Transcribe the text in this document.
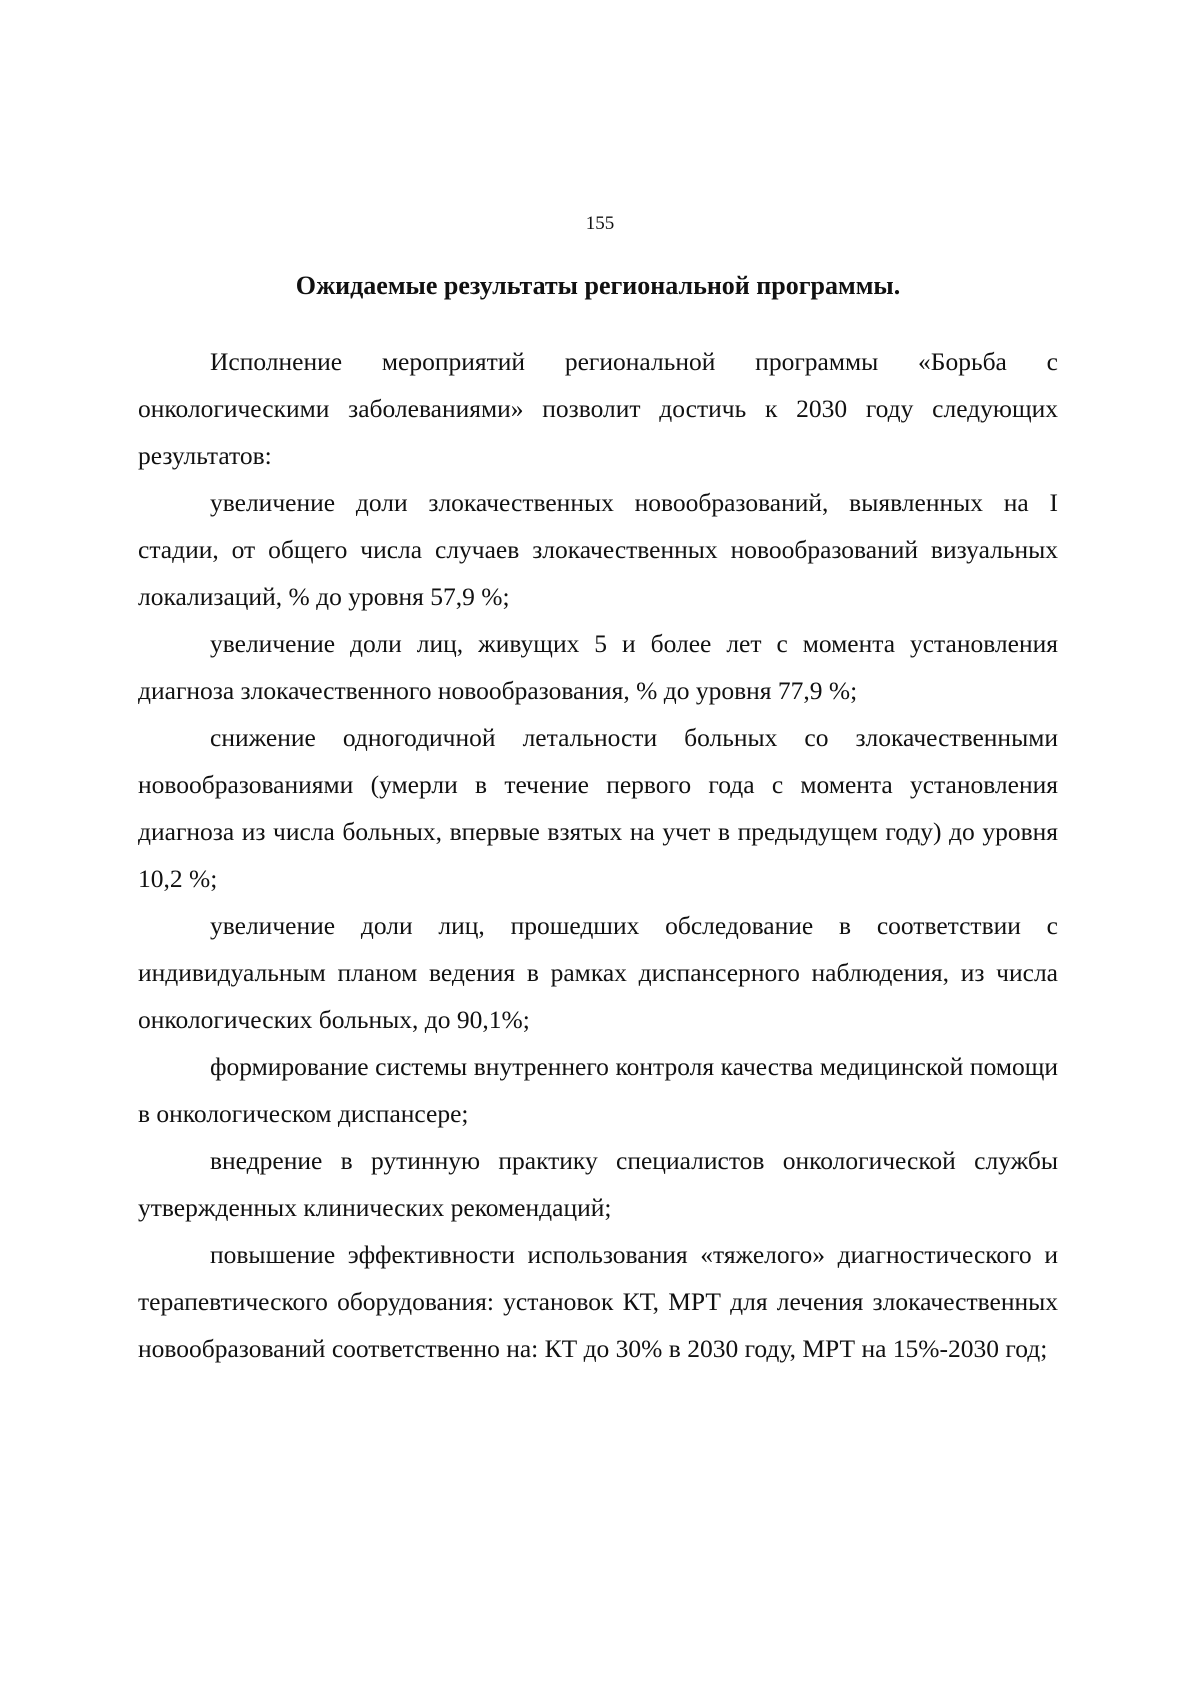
155
Ожидаемые результаты региональной программы.

Исполнение мероприятий региональной программы «Борьба с онкологическими заболеваниями» позволит достичь к 2030 году следующих результатов:

увеличение доли злокачественных новообразований, выявленных на I стадии, от общего числа случаев злокачественных новообразований визуальных локализаций, % до уровня 57,9 %;

увеличение доли лиц, живущих 5 и более лет с момента установления диагноза злокачественного новообразования, % до уровня 77,9 %;

снижение одногодичной летальности больных со злокачественными новообразованиями (умерли в течение первого года с момента установления диагноза из числа больных, впервые взятых на учет в предыдущем году) до уровня 10,2 %;

увеличение доли лиц, прошедших обследование в соответствии с индивидуальным планом ведения в рамках диспансерного наблюдения, из числа онкологических больных, до 90,1%;

формирование системы внутреннего контроля качества медицинской помощи в онкологическом диспансере;

внедрение в рутинную практику специалистов онкологической службы утвержденных клинических рекомендаций;

повышение эффективности использования «тяжелого» диагностического и терапевтического оборудования: установок КТ, МРТ для лечения злокачественных новообразований соответственно на: КТ до 30% в 2030 году, МРТ на 15%-2030 год;
